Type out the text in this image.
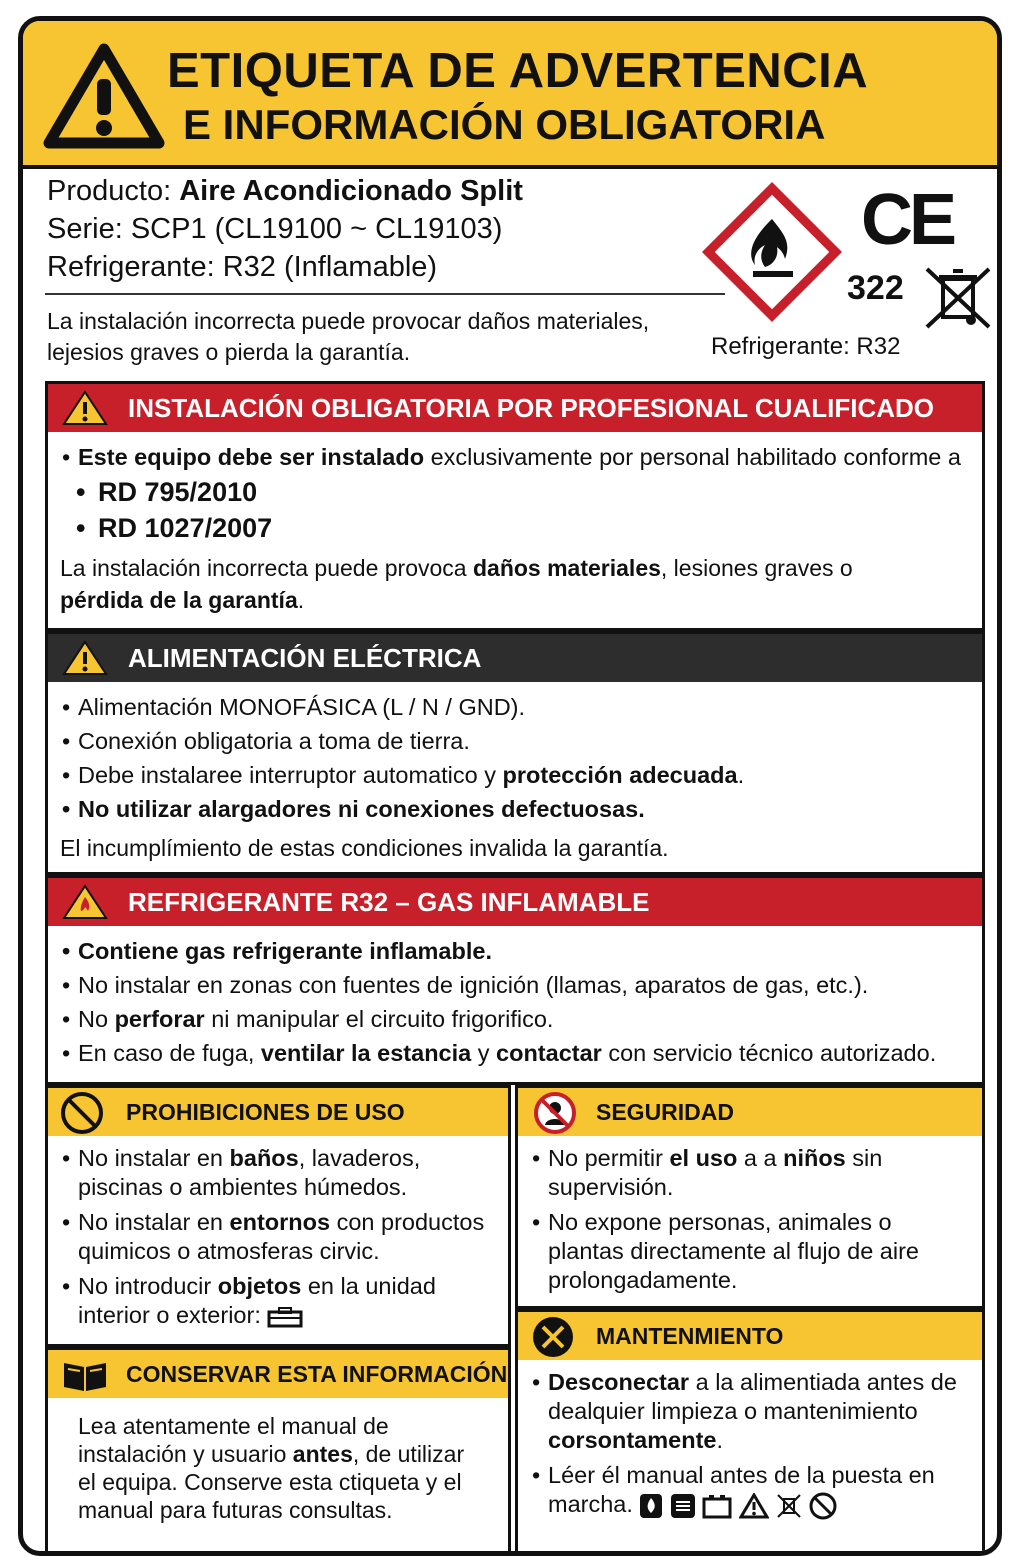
ETIQUETA DE ADVERTENCIA
E INFORMACIÓN OBLIGATORIA
Producto: Aire Acondicionado Split
Serie: SCP1 (CL19100 ~ CL19103)
Refrigerante: R32 (Inflamable)
La instalación incorrecta puede provocar daños materiales, lejesios graves o pierda la garantía.
CE
322
Refrigerante: R32
INSTALACIÓN OBLIGATORIA POR PROFESIONAL CUALIFICADO
• Este equipo debe ser instalado exclusivamente por personal habilitado conforme a
• RD 795/2010
• RD 1027/2007
La instalación incorrecta puede provoca daños materiales, lesiones graves o
pérdida de la garantía.
ALIMENTACIÓN ELÉCTRICA
• Alimentación MONOFÁSICA (L / N / GND).
• Conexión obligatoria a toma de tierra.
• Debe instalaree interruptor automatico y protección adecuada.
• No utilizar alargadores ni conexiones defectuosas.
El incumplímiento de estas condiciones invalida la garantía.
REFRIGERANTE R32 – GAS INFLAMABLE
• Contiene gas refrigerante inflamable.
• No instalar en zonas con fuentes de ignición (llamas, aparatos de gas, etc.).
• No perforar ni manipular el circuito frigorifico.
• En caso de fuga, ventilar la estancia y contactar con servicio técnico autorizado.
PROHIBICIONES DE USO
• No instalar en baños, lavaderos, piscinas o ambientes húmedos.
• No instalar en entornos con productos quimicos o atmosferas cirvic.
• No introducir objetos en la unidad interior o exterior:
SEGURIDAD
• No permitir el uso a a niños sin supervisión.
• No expone personas, animales o plantas directamente al flujo de aire prolongadamente.
CONSERVAR ESTA INFORMACIÓN
Lea atentamente el manual de instalación y usuario antes, de utilizar el equipa. Conserve esta ctiqueta y el manual para futuras consultas.
MANTENMIENTO
• Desconectar a la alimentiada antes de dealquier limpieza o mantenimiento corsontamente.
• Léer él manual antes de la puesta en marcha.
